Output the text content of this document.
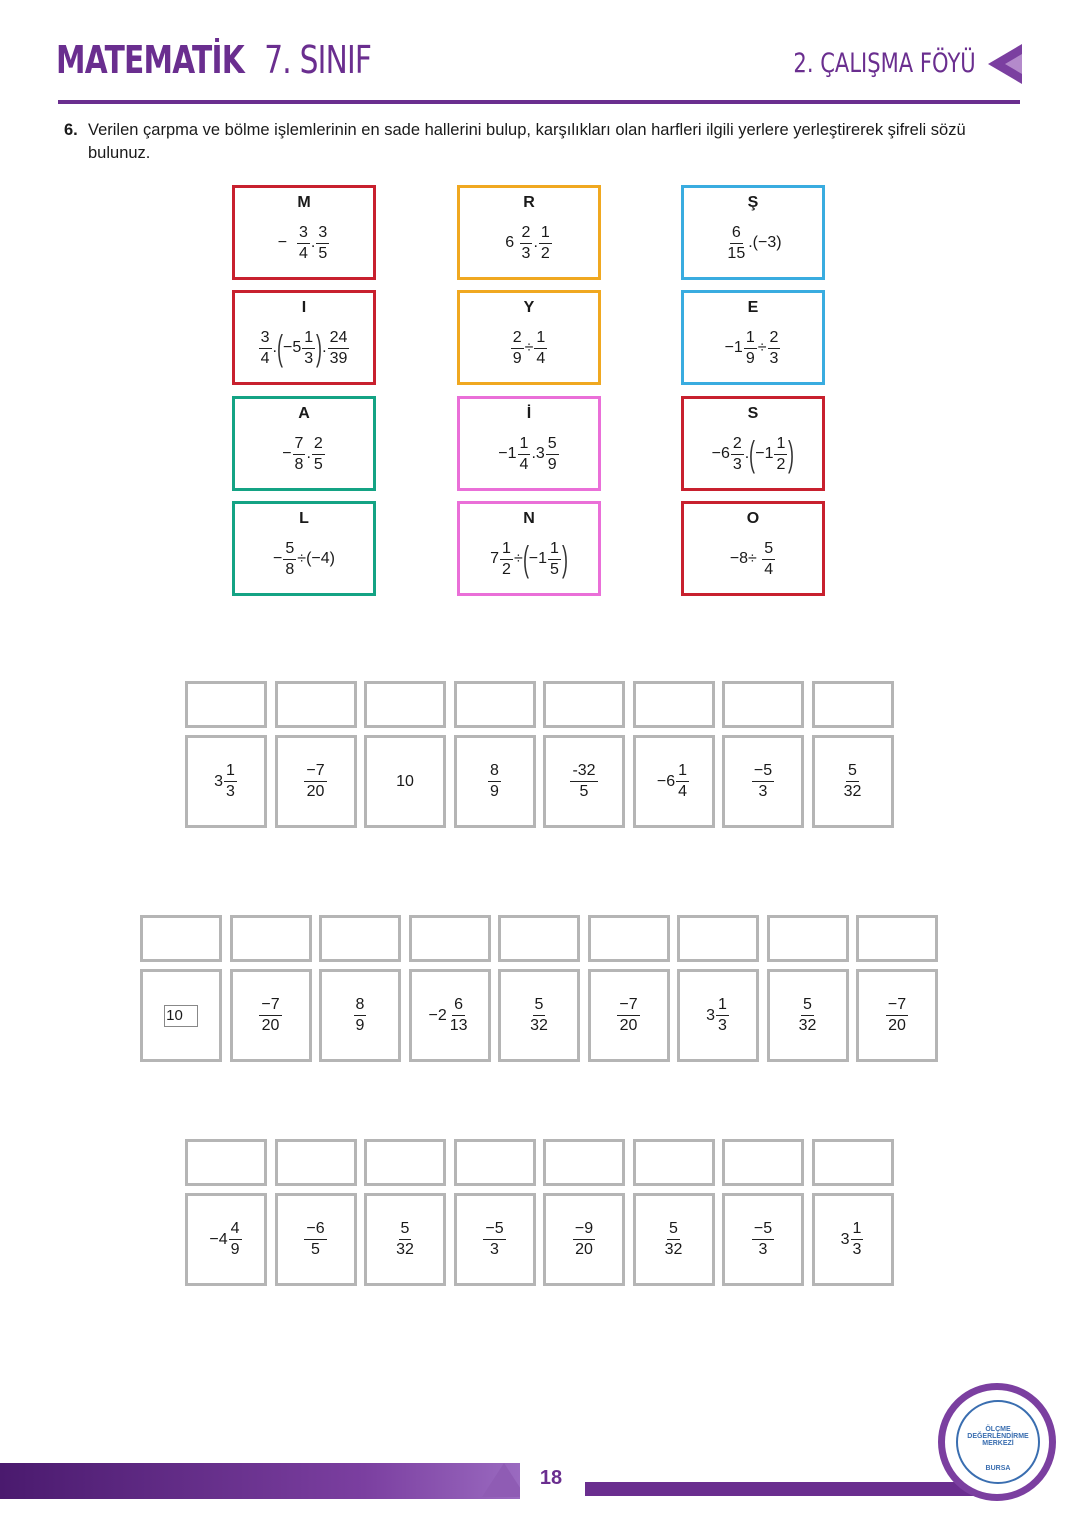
MATEMATİK 7. SINIF	2. ÇALIŞMA FÖYÜ
6. Verilen çarpma ve bölme işlemlerinin en sade hallerini bulup, karşılıkları olan harfleri ilgili yerlere yerleştirerek şifreli sözü bulunuz.
M
−
3
4
.
3
5
R
6
2
3
.
1
2
Ş
6
15
.(−3)
I
3
4
. ( −5
1
3 ) .
24
39
Y
2
9
÷
1
4
E
−1
1
9
÷
2
3
A
−
7
8
.
2
5
İ
−1
1
4
.3
5
9
S
−6
2
3
. ( −1
1
2 )
L
−
5
8
÷(−4)
N
7
1
2
÷ ( −1
1
5 )
O
−8÷
5
4
3
1
3
−7
20
10
8
9
-32
5
−6
1
4
−5
3
5
32
10
−7
20
8
9
−2
6
13
5
32
−7
20
3
1
3
5
32
−7
20
−4
4
9
−6
5
5
32
−5
3
−9
20
5
32
−5
3
3
1
3
18
ÖLÇME DEĞERLENDİRME MERKEZİ
BURSA
